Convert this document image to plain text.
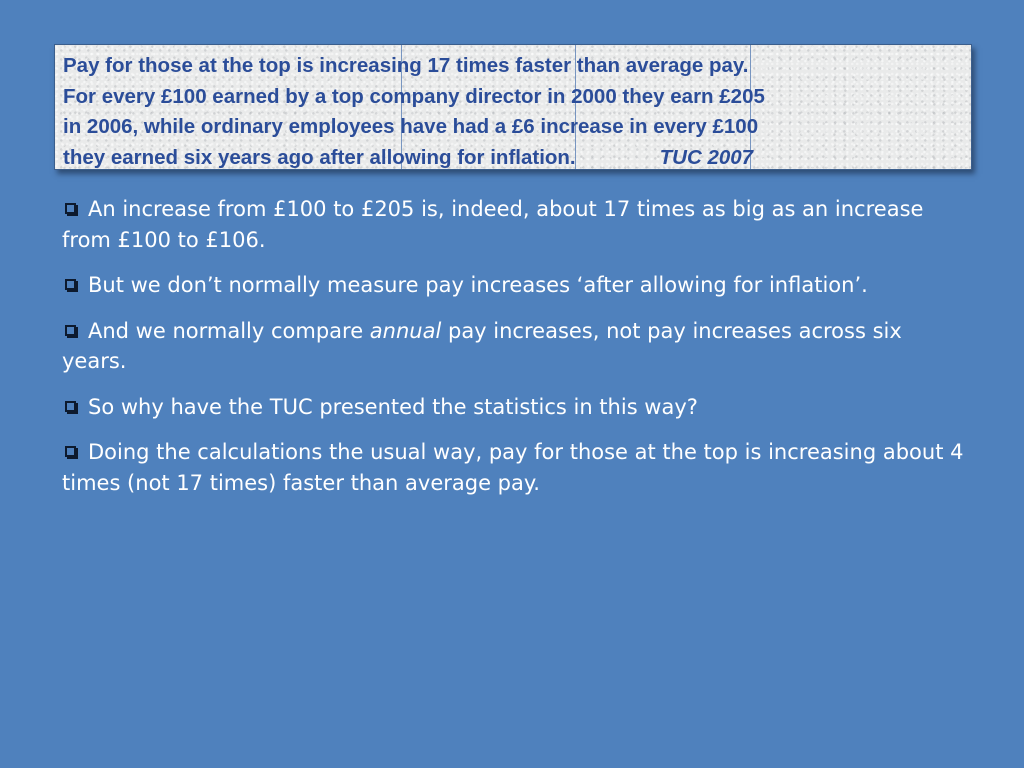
Pay for those at the top is increasing 17 times faster than average pay.
For every £100 earned by a top company director in 2000 they earn £205
in 2006, while ordinary employees have had a £6 increase in every £100
they earned six years ago after allowing for inflation.	TUC 2007

An increase from £100 to £205 is, indeed, about 17 times as big as an increase from £100 to £106.
But we don’t normally measure pay increases ‘after allowing for inflation’.
And we normally compare annual pay increases, not pay increases across six years.
So why have the TUC presented the statistics in this way?
Doing the calculations the usual way, pay for those at the top is increasing about 4 times (not 17 times) faster than average pay.
